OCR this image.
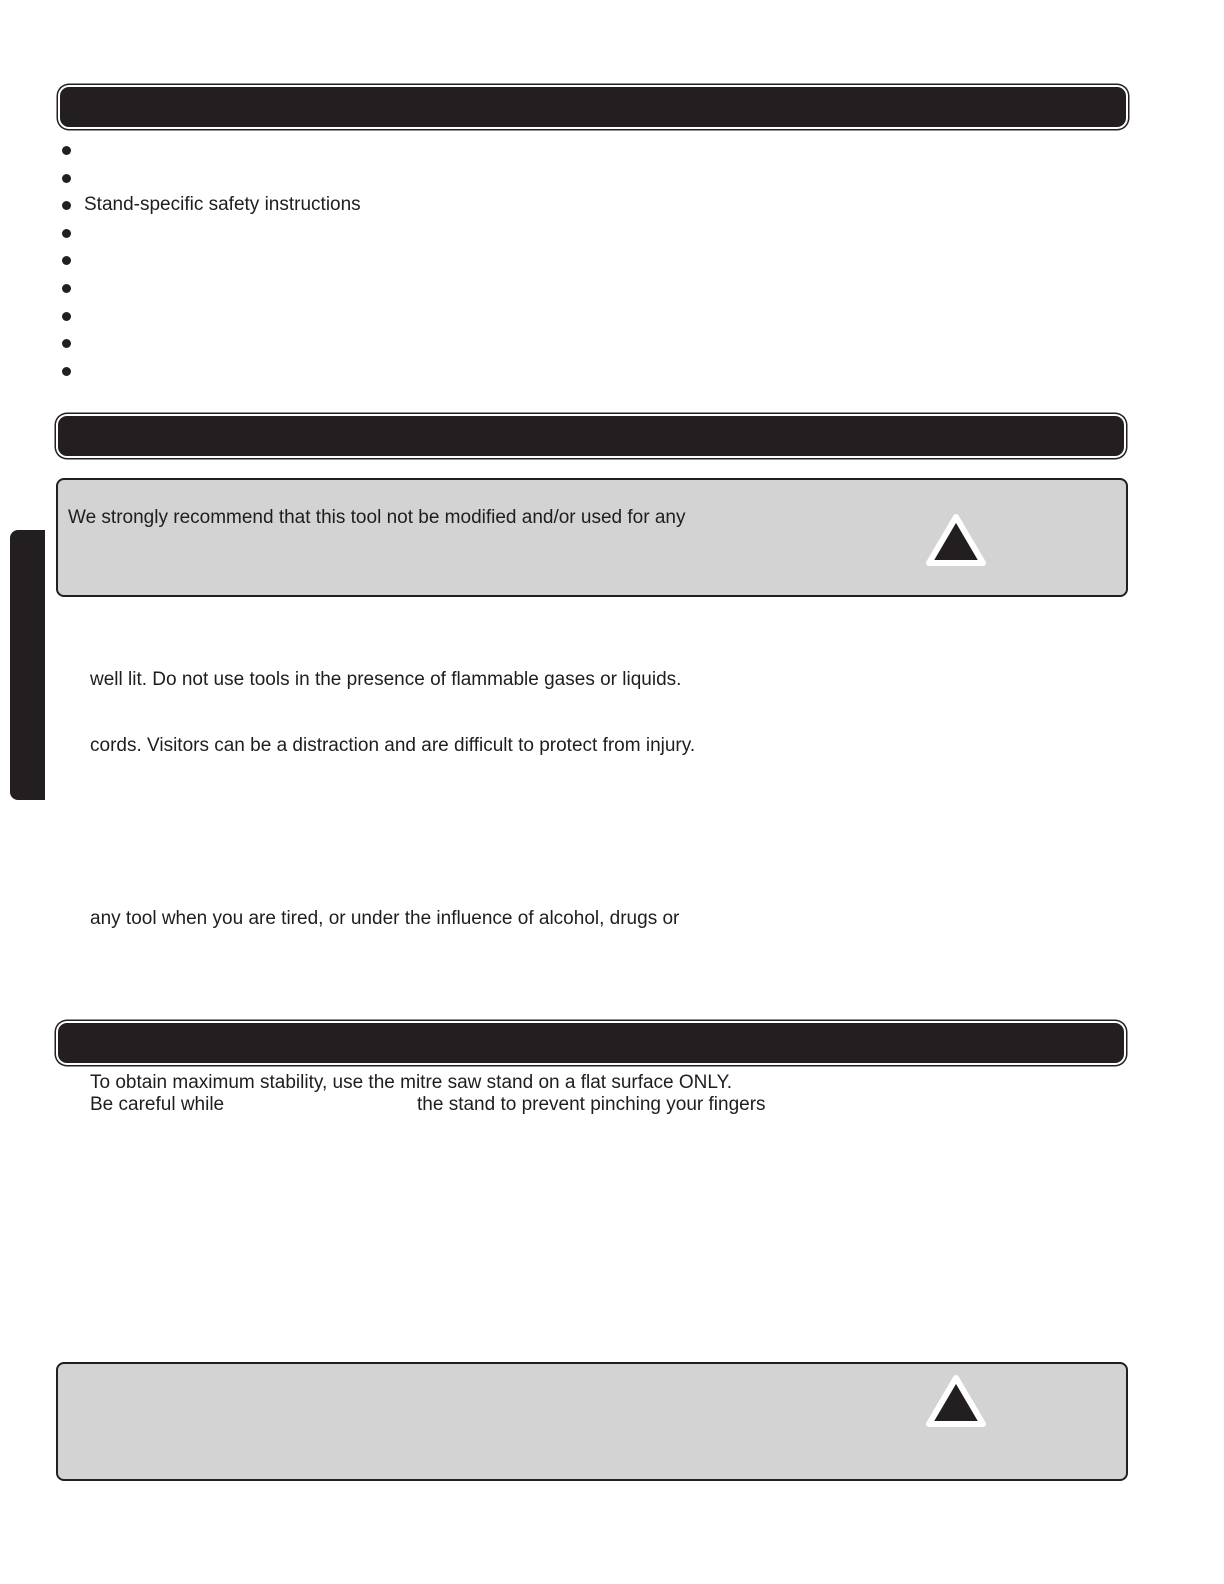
Stand-specific safety instructions
We strongly recommend that this tool not be modified and/or used for any
well lit. Do not use tools in the presence of flammable gases or liquids.
cords. Visitors can be a distraction and are difficult to protect from injury.
any tool when you are tired, or under the influence of alcohol, drugs or
To obtain maximum stability, use the mitre saw stand on a flat surface ONLY.
Be careful while	the stand to prevent pinching your fingers
